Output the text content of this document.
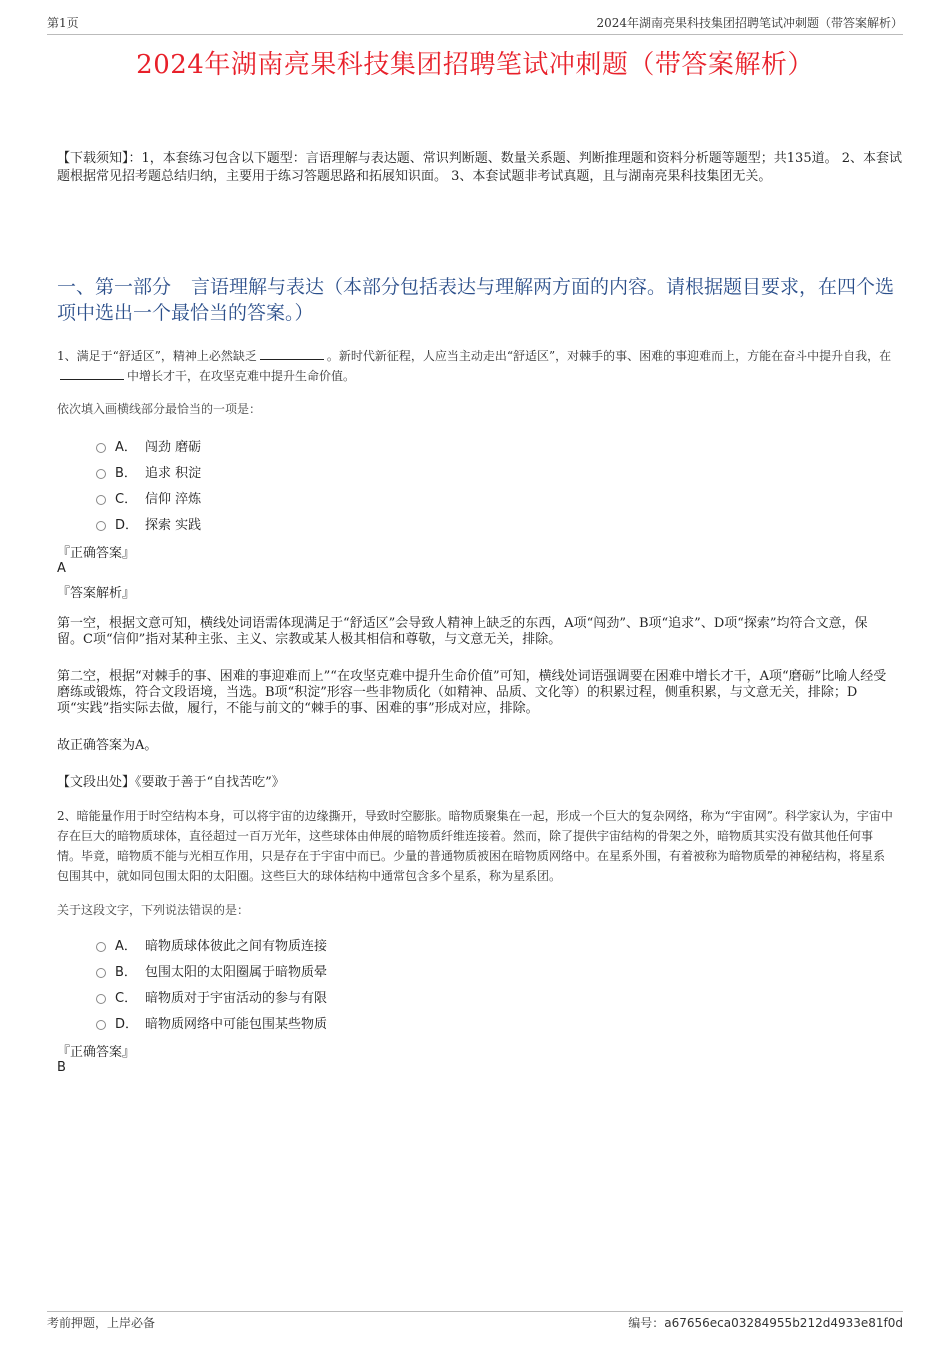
第1页	2024年湖南亮果科技集团招聘笔试冲刺题（带答案解析）
2024年湖南亮果科技集团招聘笔试冲刺题（带答案解析）
【下载须知】：1，本套练习包含以下题型：言语理解与表达题、常识判断题、数量关系题、判断推理题和资料分析题等题型；共135道。 2、本套试题根据常见招考题总结归纳，主要用于练习答题思路和拓展知识面。 3、本套试题非考试真题，且与湖南亮果科技集团无关。
一、第一部分 言语理解与表达（本部分包括表达与理解两方面的内容。请根据题目要求，在四个选项中选出一个最恰当的答案。）
1、满足于“舒适区”，精神上必然缺乏	。新时代新征程，人应当主动走出“舒适区”，对棘手的事、困难的事迎难而上，方能在奋斗中提升自我，在中增长才干，在攻坚克难中提升生命价值。
依次填入画横线部分最恰当的一项是：
A． 闯劲 磨砺
B． 追求 积淀
C． 信仰 淬炼
D． 探索 实践
『正确答案』
A
『答案解析』
第一空，根据文意可知，横线处词语需体现满足于“舒适区”会导致人精神上缺乏的东西，A项“闯劲”、B项“追求”、D项“探索”均符合文意，保留。C项“信仰”指对某种主张、主义、宗教或某人极其相信和尊敬，与文意无关，排除。
第二空，根据“对棘手的事、困难的事迎难而上”“在攻坚克难中提升生命价值”可知，横线处词语强调要在困难中增长才干，A项“磨砺”比喻人经受磨练或锻炼，符合文段语境，当选。B项“积淀”形容一些非物质化（如精神、品质、文化等）的积累过程，侧重积累，与文意无关，排除；D项“实践”指实际去做，履行，不能与前文的“棘手的事、困难的事”形成对应，排除。
故正确答案为A。
【文段出处】《要敢于善于“自找苦吃”》
2、暗能量作用于时空结构本身，可以将宇宙的边缘撕开，导致时空膨胀。暗物质聚集在一起，形成一个巨大的复杂网络，称为“宇宙网”。科学家认为，宇宙中存在巨大的暗物质球体，直径超过一百万光年，这些球体由伸展的暗物质纤维连接着。然而，除了提供宇宙结构的骨架之外，暗物质其实没有做其他任何事情。毕竟，暗物质不能与光相互作用，只是存在于宇宙中而已。少量的普通物质被困在暗物质网络中。在星系外围，有着被称为暗物质晕的神秘结构，将星系包围其中，就如同包围太阳的太阳圈。这些巨大的球体结构中通常包含多个星系，称为星系团。
关于这段文字，下列说法错误的是：
A． 暗物质球体彼此之间有物质连接
B． 包围太阳的太阳圈属于暗物质晕
C． 暗物质对于宇宙活动的参与有限
D． 暗物质网络中可能包围某些物质
『正确答案』
B
考前押题，上岸必备	编号：a67656eca03284955b212d4933e81f0d
